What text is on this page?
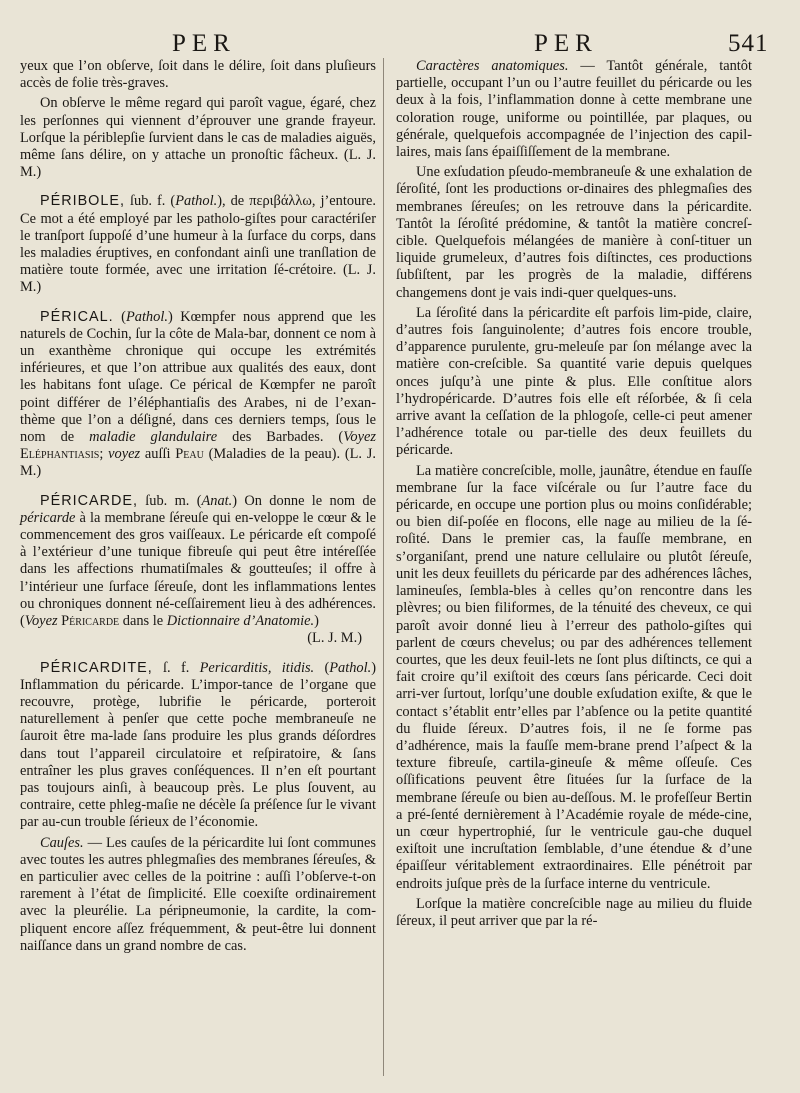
PER	PER	541

yeux que l’on obſerve, ſoit dans le délire, ſoit dans pluſieurs accès de folie très-graves.

On obſerve le même regard qui paroît vague, égaré, chez les perſonnes qui viennent d’éprouver une grande frayeur. Lorſque la périblepſie ſurvient dans le cas de maladies aiguës, même ſans délire, on y attache un pronoſtic fâcheux. (L. J. M.)

PÉRIBOLE, ſub. f. (Pathol.), de περιβάλλω, j’entoure. Ce mot a été employé par les patholo-giſtes pour caractériſer le tranſport ſuppoſé d’une humeur à la ſurface du corps, dans les maladies éruptives, en confondant ainſi une tranſlation de matière toute formée, avec une irritation ſé-crétoire. (L. J. M.)

PÉRICAL. (Pathol.) Kœmpfer nous apprend que les naturels de Cochin, ſur la côte de Mala-bar, donnent ce nom à un exanthème chronique qui occupe les extrémités inférieures, et que l’on attribue aux qualités des eaux, dont les habitans font uſage. Ce pérical de Kœmpfer ne paroît point différer de l’éléphantiaſis des Arabes, ni de l’exan-thème que l’on a déſigné, dans ces derniers temps, ſous le nom de maladie glandulaire des Barbades. (Voyez Eléphantiasis; voyez auſſi Peau (Maladies de la peau). (L. J. M.)

PÉRICARDE, ſub. m. (Anat.) On donne le nom de péricarde à la membrane ſéreuſe qui en-veloppe le cœur & le commencement des gros vaiſſeaux. Le péricarde eſt compoſé à l’extérieur d’une tunique fibreuſe qui peut être intéreſſée dans les affections rhumatiſmales & goutteuſes; il offre à l’intérieur une ſurface ſéreuſe, dont les inflammations lentes ou chroniques donnent né-ceſſairement lieu à des adhérences. (Voyez Péricarde dans le Dictionnaire d’Anatomie.)

(L. J. M.)

PÉRICARDITE, ſ. f. Pericarditis, itidis. (Pathol.) Inflammation du péricarde. L’impor-tance de l’organe que recouvre, protège, lubrifie le péricarde, porteroit naturellement à penſer que cette poche membraneuſe ne ſauroit être ma-lade ſans produire les plus grands déſordres dans tout l’appareil circulatoire et reſpiratoire, & ſans entraîner les plus graves conſéquences. Il n’en eſt pourtant pas toujours ainſi, à beaucoup près. Le plus ſouvent, au contraire, cette phleg-maſie ne décèle ſa préſence ſur le vivant par au-cun trouble ſérieux de l’économie.

Cauſes. — Les cauſes de la péricardite lui ſont communes avec toutes les autres phlegmaſies des membranes ſéreuſes, & en particulier avec celles de la poitrine : auſſi l’obſerve-t-on rarement à l’état de ſimplicité. Elle coexiſte ordinairement avec la pleurélie. La péripneumonie, la cardite, la com-pliquent encore aſſez fréquemment, & peut-être lui donnent naiſſance dans un grand nombre de cas.

Caractères anatomiques. — Tantôt générale, tantôt partielle, occupant l’un ou l’autre feuillet du péricarde ou les deux à la fois, l’inflammation donne à cette membrane une coloration rouge, uniforme ou pointillée, par plaques, ou générale, quelquefois accompagnée de l’injection des capil-laires, mais ſans épaiſſiſſement de la membrane.

Une exſudation pſeudo-membraneuſe & une exhalation de ſéroſité, ſont les productions or-dinaires des phlegmaſies des membranes ſéreuſes; on les retrouve dans la péricardite. Tantôt la ſéroſité prédomine, & tantôt la matière concreſ-cible. Quelquefois mélangées de manière à conſ-tituer un liquide grumeleux, d’autres fois diſtinctes, ces productions ſubſiſtent, par les progrès de la maladie, différens changemens dont je vais indi-quer quelques-uns.

La ſéroſité dans la péricardite eſt parfois lim-pide, claire, d’autres fois ſanguinolente; d’autres fois encore trouble, d’apparence purulente, gru-meleuſe par ſon mélange avec la matière con-creſcible. Sa quantité varie depuis quelques onces juſqu’à une pinte & plus. Elle conſtitue alors l’hydropéricarde. D’autres fois elle eſt réſorbée, & ſi cela arrive avant la ceſſation de la phlogoſe, celle-ci peut amener l’adhérence totale ou par-tielle des deux feuillets du péricarde.

La matière concreſcible, molle, jaunâtre, étendue en fauſſe membrane ſur la face viſcérale ou ſur l’autre face du péricarde, en occupe une portion plus ou moins conſidérable; ou bien diſ-poſée en flocons, elle nage au milieu de la ſé-roſité. Dans le premier cas, la fauſſe membrane, en s’organiſant, prend une nature cellulaire ou plutôt ſéreuſe, unit les deux feuillets du péricarde par des adhérences lâches, lamineuſes, ſembla-bles à celles qu’on rencontre dans les plèvres; ou bien filiformes, de la ténuité des cheveux, ce qui paroît avoir donné lieu à l’erreur des patholo-giſtes qui parlent de cœurs chevelus; ou par des adhérences tellement courtes, que les deux feuil-lets ne ſont plus diſtincts, ce qui a fait croire qu’il exiſtoit des cœurs ſans péricarde. Ceci doit arri-ver ſurtout, lorſqu’une double exſudation exiſte, & que le contact s’établit entr’elles par l’abſence ou la petite quantité du fluide ſéreux. D’autres fois, il ne ſe forme pas d’adhérence, mais la fauſſe mem-brane prend l’aſpect & la texture fibreuſe, cartila-gineuſe & même oſſeuſe. Ces oſſifications peuvent être ſituées ſur la ſurface de la membrane ſéreuſe ou bien au-deſſous. M. le profeſſeur Bertin a pré-ſenté dernièrement à l’Académie royale de méde-cine, un cœur hypertrophié, ſur le ventricule gau-che duquel exiſtoit une incruſtation ſemblable, d’une étendue & d’une épaiſſeur véritablement extraordinaires. Elle pénétroit par endroits juſque près de la ſurface interne du ventricule.

Lorſque la matière concreſcible nage au milieu du fluide ſéreux, il peut arriver que par la ré-
